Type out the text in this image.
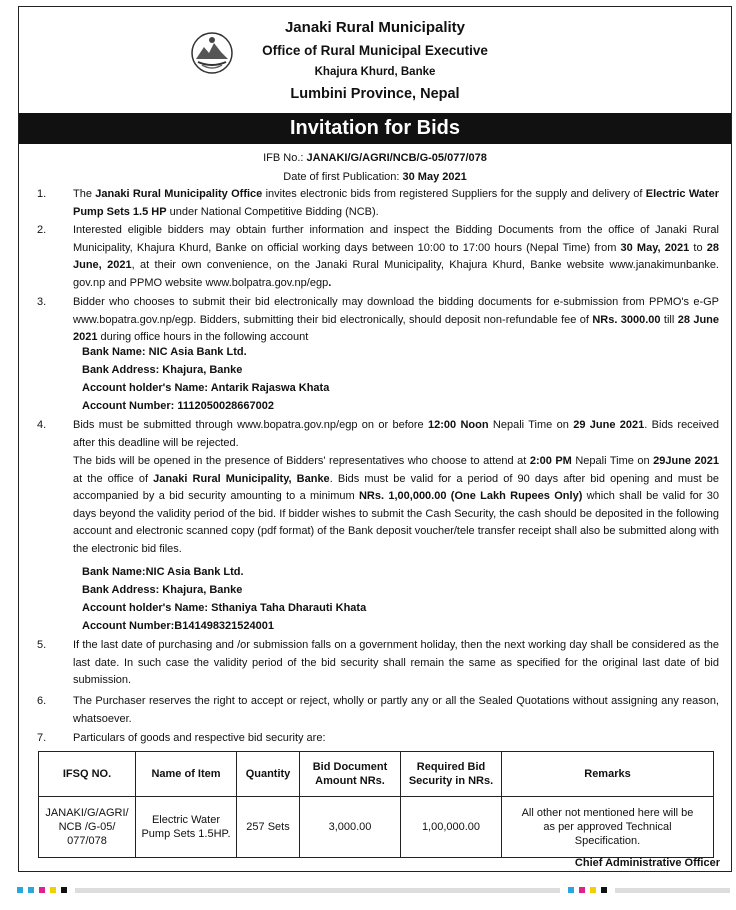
Janaki Rural Municipality
Office of Rural Municipal Executive
Khajura Khurd, Banke
Lumbini Province, Nepal
Invitation for Bids
IFB No.: JANAKI/G/AGRI/NCB/G-05/077/078
Date of first Publication: 30 May 2021
1.	The Janaki Rural Municipality Office invites electronic bids from registered Suppliers for the supply and delivery of Electric Water Pump Sets 1.5 HP under National Competitive Bidding (NCB).
2.	Interested eligible bidders may obtain further information and inspect the Bidding Documents from the office of Janaki Rural Municipality, Khajura Khurd, Banke on official working days between 10:00 to 17:00 hours (Nepal Time) from 30 May, 2021 to 28 June, 2021, at their own convenience, on the Janaki Rural Municipality, Khajura Khurd, Banke website www.janakimunbanke. gov.np and PPMO website www.bolpatra.gov.np/egp.
3.	Bidder who chooses to submit their bid electronically may download the bidding documents for e-submission from PPMO's e-GP www.bopatra.gov.np/egp. Bidders, submitting their bid electronically, should deposit non-refundable fee of NRs. 3000.00 till 28 June 2021 during office hours in the following account
Bank Name: NIC Asia Bank Ltd.
Bank Address: Khajura, Banke
Account holder's Name: Antarik Rajaswa Khata
Account Number: 1112050028667002
4.	Bids must be submitted through www.bopatra.gov.np/egp on or before 12:00 Noon Nepali Time on 29 June 2021. Bids received after this deadline will be rejected.
The bids will be opened in the presence of Bidders' representatives who choose to attend at 2:00 PM Nepali Time on 29June 2021 at the office of Janaki Rural Municipality, Banke. Bids must be valid for a period of 90 days after bid opening and must be accompanied by a bid security amounting to a minimum NRs. 1,00,000.00 (One Lakh Rupees Only) which shall be valid for 30 days beyond the validity period of the bid. If bidder wishes to submit the Cash Security, the cash should be deposited in the following account and electronic scanned copy (pdf format) of the Bank deposit voucher/tele transfer receipt shall also be submitted along with the electronic bid files.
Bank Name:NIC Asia Bank Ltd.
Bank Address: Khajura, Banke
Account holder's Name: Sthaniya Taha Dharauti Khata
Account Number:B141498321524001
5.	If the last date of purchasing and /or submission falls on a government holiday, then the next working day shall be considered as the last date. In such case the validity period of the bid security shall remain the same as specified for the original last date of bid submission.
6.	The Purchaser reserves the right to accept or reject, wholly or partly any or all the Sealed Quotations without assigning any reason, whatsoever.
7.	Particulars of goods and respective bid security are:
IFSQ NO.	Name of Item	Quantity	Bid Document Amount NRs.	Required Bid Security in NRs.	Remarks
JANAKI/G/AGRI/ NCB /G-05/ 077/078	Electric Water Pump Sets 1.5HP.	257 Sets	3,000.00	1,00,000.00	All other not mentioned here will be as per approved Technical Specification.
Chief Administrative Officer
